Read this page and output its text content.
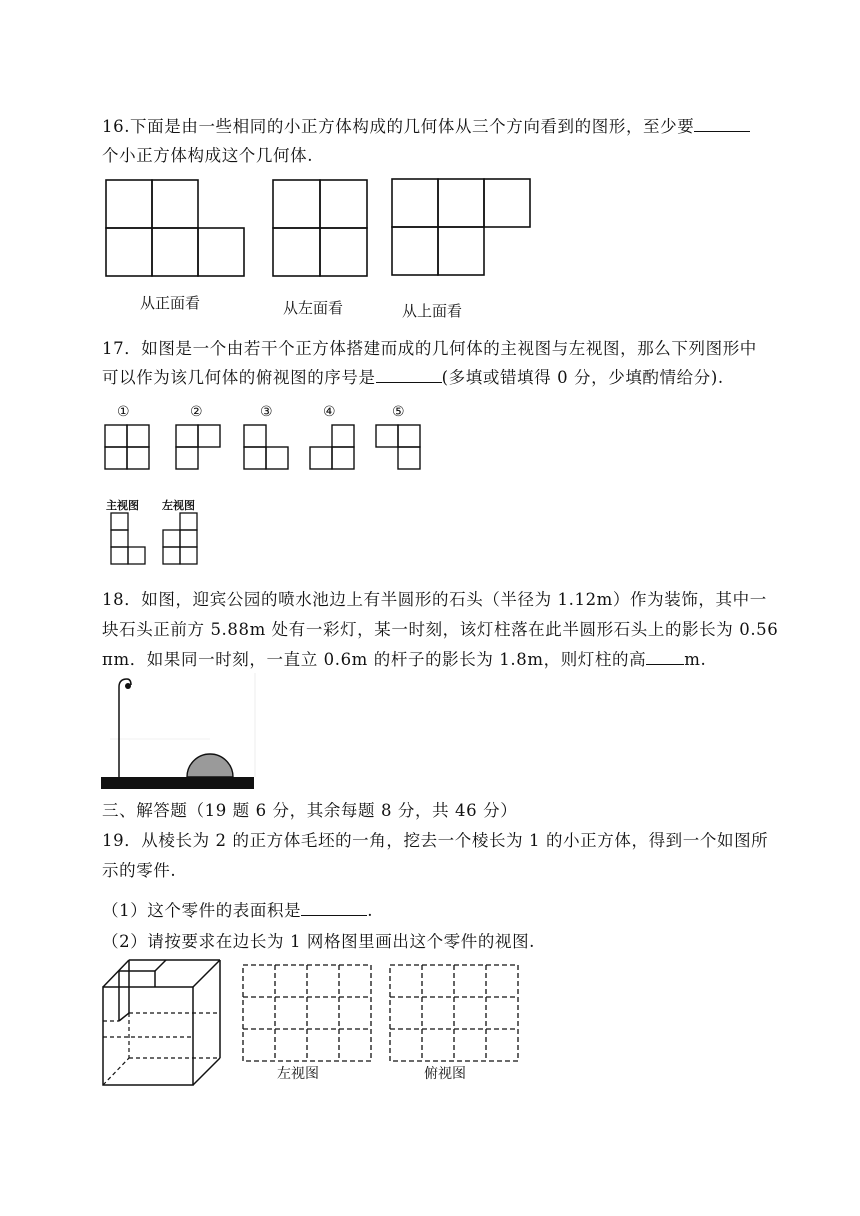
16.下面是由一些相同的小正方体构成的几何体从三个方向看到的图形，至少要
个小正方体构成这个几何体.
从正面看	从左面看	从上面看
17．如图是一个由若干个正方体搭建而成的几何体的主视图与左视图，那么下列图形中
可以作为该几何体的俯视图的序号是	(多填或错填得 0 分，少填酌情给分).
①	②	③	④	⑤
主视图 左视图
18．如图，迎宾公园的喷水池边上有半圆形的石头（半径为 1.12m）作为装饰，其中一
块石头正前方 5.88m 处有一彩灯，某一时刻，该灯柱落在此半圆形石头上的影长为 0.56
πm．如果同一时刻，一直立 0.6m 的杆子的影长为 1.8m，则灯柱的高 m.
三、解答题（19 题 6 分，其余每题 8 分，共 46 分）
19．从棱长为 2 的正方体毛坯的一角，挖去一个棱长为 1 的小正方体，得到一个如图所
示的零件.
（1）这个零件的表面积是	.
（2）请按要求在边长为 1 网格图里画出这个零件的视图.
左视图	俯视图
